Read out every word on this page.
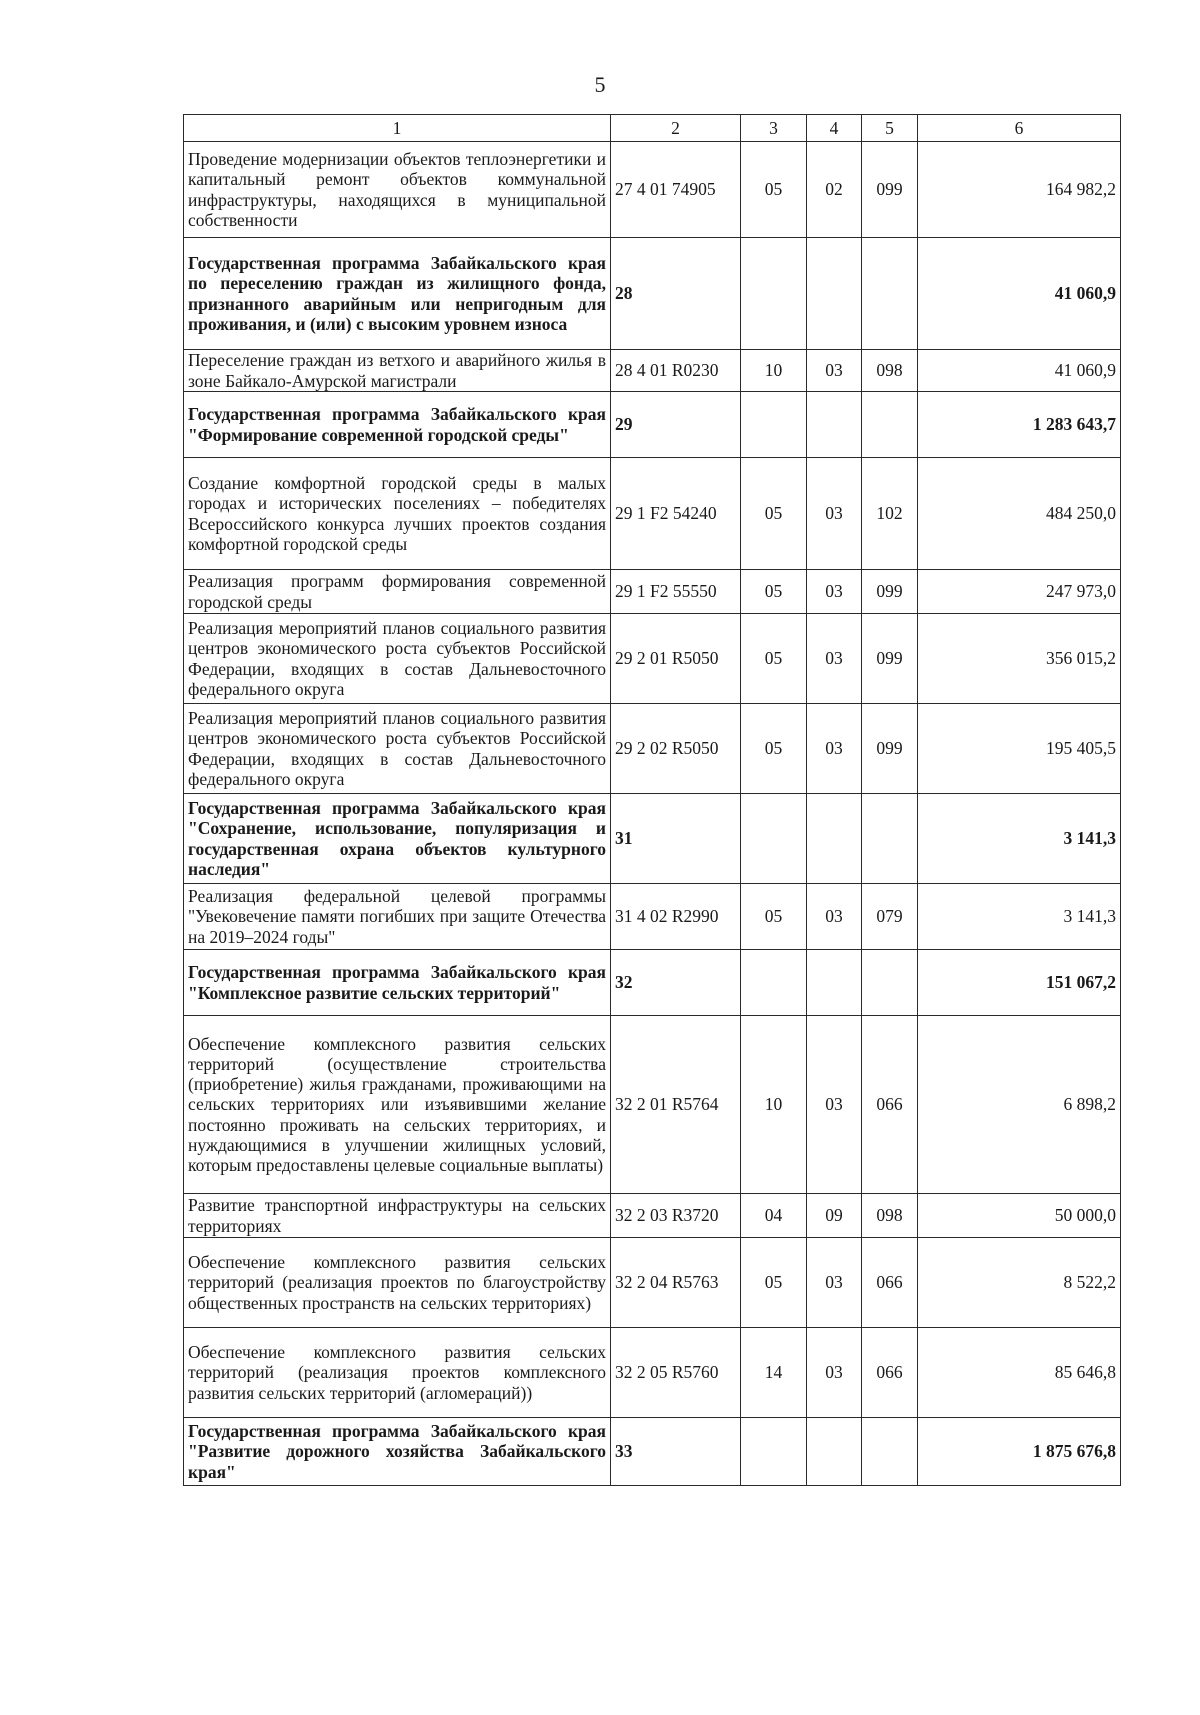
5
1	2	3	4	5	6
Проведение модернизации объектов теплоэнергетики и капитальный ремонт объектов коммунальной инфраструктуры, находящихся в муниципальной собственности	27 4 01 74905	05	02	099	164 982,2
Государственная программа Забайкальского края по переселению граждан из жилищного фонда, признанного аварийным или непригодным для проживания, и (или) с высоким уровнем износа	28				41 060,9
Переселение граждан из ветхого и аварийного жилья в зоне Байкало-Амурской магистрали	28 4 01 R0230	10	03	098	41 060,9
Государственная программа Забайкальского края "Формирование современной городской среды"	29				1 283 643,7
Создание комфортной городской среды в малых городах и исторических поселениях – победителях Всероссийского конкурса лучших проектов создания комфортной городской среды	29 1 F2 54240	05	03	102	484 250,0
Реализация программ формирования современной городской среды	29 1 F2 55550	05	03	099	247 973,0
Реализация мероприятий планов социального развития центров экономического роста субъектов Российской Федерации, входящих в состав Дальневосточного федерального округа	29 2 01 R5050	05	03	099	356 015,2
Реализация мероприятий планов социального развития центров экономического роста субъектов Российской Федерации, входящих в состав Дальневосточного федерального округа	29 2 02 R5050	05	03	099	195 405,5
Государственная программа Забайкальского края "Сохранение, использование, популяризация и государственная охрана объектов культурного наследия"	31				3 141,3
Реализация федеральной целевой программы "Увековечение памяти погибших при защите Отечества на 2019–2024 годы"	31 4 02 R2990	05	03	079	3 141,3
Государственная программа Забайкальского края "Комплексное развитие сельских территорий"	32				151 067,2
Обеспечение комплексного развития сельских территорий (осуществление строительства (приобретение) жилья гражданами, проживающими на сельских территориях или изъявившими желание постоянно проживать на сельских территориях, и нуждающимися в улучшении жилищных условий, которым предоставлены целевые социальные выплаты)	32 2 01 R5764	10	03	066	6 898,2
Развитие транспортной инфраструктуры на сельских территориях	32 2 03 R3720	04	09	098	50 000,0
Обеспечение комплексного развития сельских территорий (реализация проектов по благоустройству общественных пространств на сельских территориях)	32 2 04 R5763	05	03	066	8 522,2
Обеспечение комплексного развития сельских территорий (реализация проектов комплексного развития сельских территорий (агломераций))	32 2 05 R5760	14	03	066	85 646,8
Государственная программа Забайкальского края "Развитие дорожного хозяйства Забайкальского края"	33				1 875 676,8
